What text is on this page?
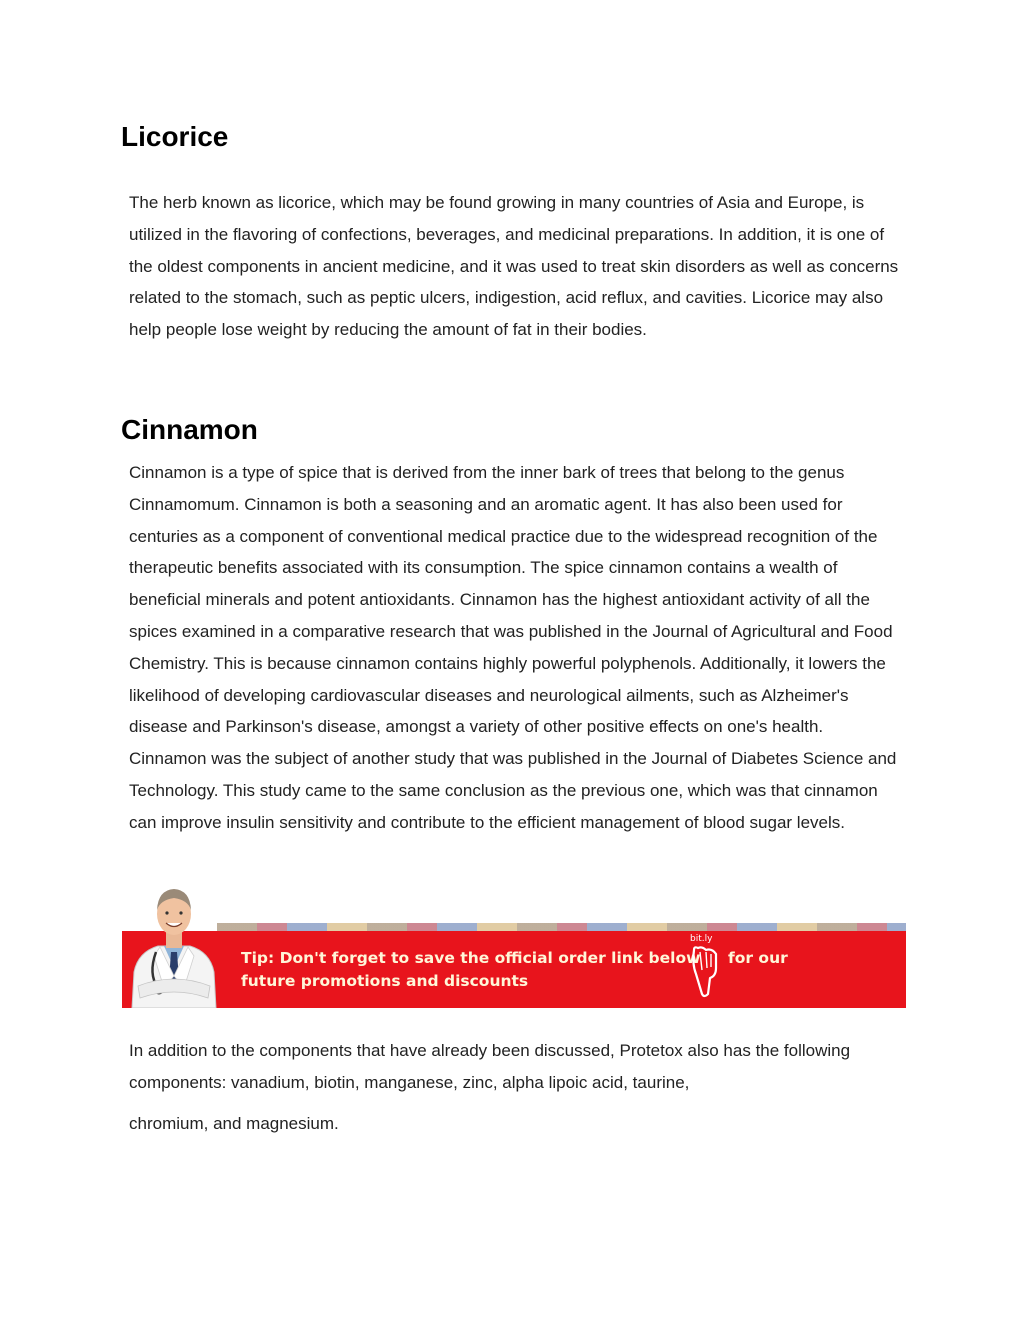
Licorice

The herb known as licorice, which may be found growing in many countries of Asia and Europe, is utilized in the flavoring of confections, beverages, and medicinal preparations. In addition, it is one of the oldest components in ancient medicine, and it was used to treat skin disorders as well as concerns related to the stomach, such as peptic ulcers, indigestion, acid reflux, and cavities. Licorice may also help people lose weight by reducing the amount of fat in their bodies.

Cinnamon

Cinnamon is a type of spice that is derived from the inner bark of trees that belong to the genus Cinnamomum. Cinnamon is both a seasoning and an aromatic agent. It has also been used for centuries as a component of conventional medical practice due to the widespread recognition of the therapeutic benefits associated with its consumption. The spice cinnamon contains a wealth of beneficial minerals and potent antioxidants. Cinnamon has the highest antioxidant activity of all the spices examined in a comparative research that was published in the Journal of Agricultural and Food Chemistry. This is because cinnamon contains highly powerful polyphenols. Additionally, it lowers the likelihood of developing cardiovascular diseases and neurological ailments, such as Alzheimer's disease and Parkinson's disease, amongst a variety of other positive effects on one's health. Cinnamon was the subject of another study that was published in the Journal of Diabetes Science and Technology. This study came to the same conclusion as the previous one, which was that cinnamon can improve insulin sensitivity and contribute to the efficient management of blood sugar levels.

Tip: Don't forget to save the official order link below
future promotions and discounts

bit.ly
for our

In addition to the components that have already been discussed, Protetox also has the following components: vanadium, biotin, manganese, zinc, alpha lipoic acid, taurine,
chromium, and magnesium.
